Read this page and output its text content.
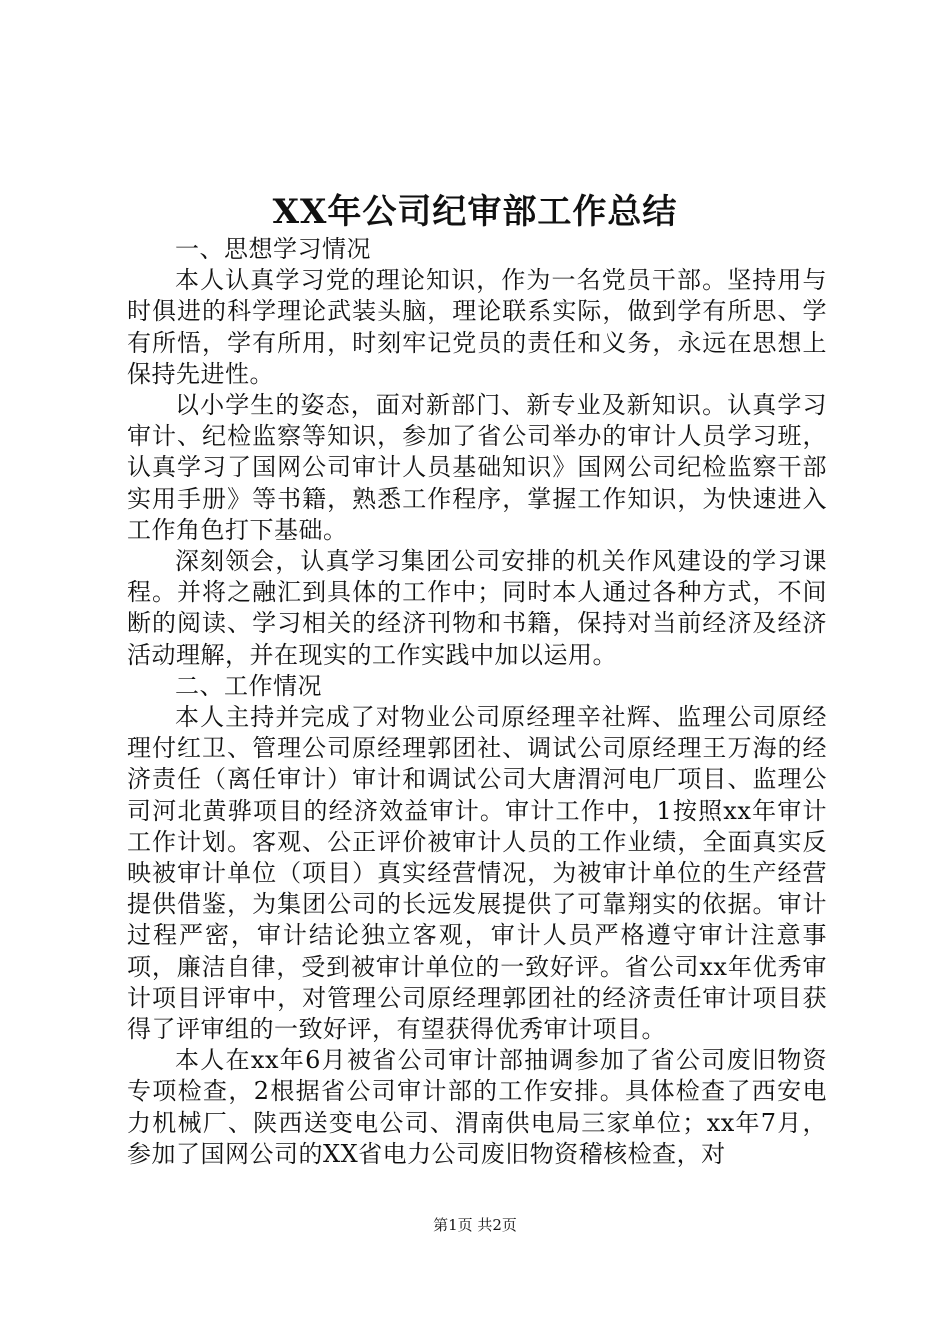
XX年公司纪审部工作总结

一、思想学习情况

本人认真学习党的理论知识，作为一名党员干部。坚持用与时俱进的科学理论武装头脑，理论联系实际，做到学有所思、学有所悟，学有所用，时刻牢记党员的责任和义务，永远在思想上保持先进性。

以小学生的姿态，面对新部门、新专业及新知识。认真学习审计、纪检监察等知识，参加了省公司举办的审计人员学习班，认真学习了国网公司审计人员基础知识》国网公司纪检监察干部实用手册》等书籍，熟悉工作程序，掌握工作知识，为快速进入工作角色打下基础。

深刻领会，认真学习集团公司安排的机关作风建设的学习课程。并将之融汇到具体的工作中；同时本人通过各种方式，不间断的阅读、学习相关的经济刊物和书籍，保持对当前经济及经济活动理解，并在现实的工作实践中加以运用。

二、工作情况

本人主持并完成了对物业公司原经理辛社辉、监理公司原经理付红卫、管理公司原经理郭团社、调试公司原经理王万海的经济责任（离任审计）审计和调试公司大唐渭河电厂项目、监理公司河北黄骅项目的经济效益审计。审计工作中，1按照xx年审计工作计划。客观、公正评价被审计人员的工作业绩，全面真实反映被审计单位（项目）真实经营情况，为被审计单位的生产经营提供借鉴，为集团公司的长远发展提供了可靠翔实的依据。审计过程严密，审计结论独立客观，审计人员严格遵守审计注意事项，廉洁自律，受到被审计单位的一致好评。省公司xx年优秀审计项目评审中，对管理公司原经理郭团社的经济责任审计项目获得了评审组的一致好评，有望获得优秀审计项目。

本人在xx年6月被省公司审计部抽调参加了省公司废旧物资专项检查，2根据省公司审计部的工作安排。具体检查了西安电力机械厂、陕西送变电公司、渭南供电局三家单位；xx年7月，参加了国网公司的XX省电力公司废旧物资稽核检查，对

第1页 共2页
